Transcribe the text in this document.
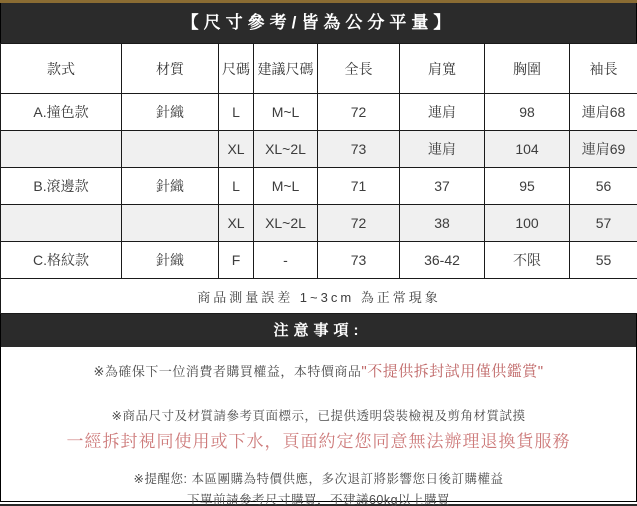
【尺寸參考/皆為公分平量】
款式	材質	尺碼	建議尺碼	全長	肩寬	胸圍	袖長
A.撞色款	針織	L	M~L	72	連肩	98	連肩68
		XL	XL~2L	73	連肩	104	連肩69
B.滾邊款	針織	L	M~L	71	37	95	56
		XL	XL~2L	72	38	100	57
C.格紋款	針織	F	-	73	36-42	不限	55
商品測量誤差 1~3cm 為正常現象							
注意事項:

※為確保下一位消費者購買權益，本特價商品"不提供拆封試用僅供鑑賞"

※商品尺寸及材質請參考頁面標示，已提供透明袋裝檢視及剪角材質試摸

一經拆封視同使用或下水，頁面約定您同意無法辦理退換貨服務

※提醒您: 本區團購為特價供應，多次退訂將影響您日後訂購權益

下單前請參考尺寸購買，不建議60kg以上購買
